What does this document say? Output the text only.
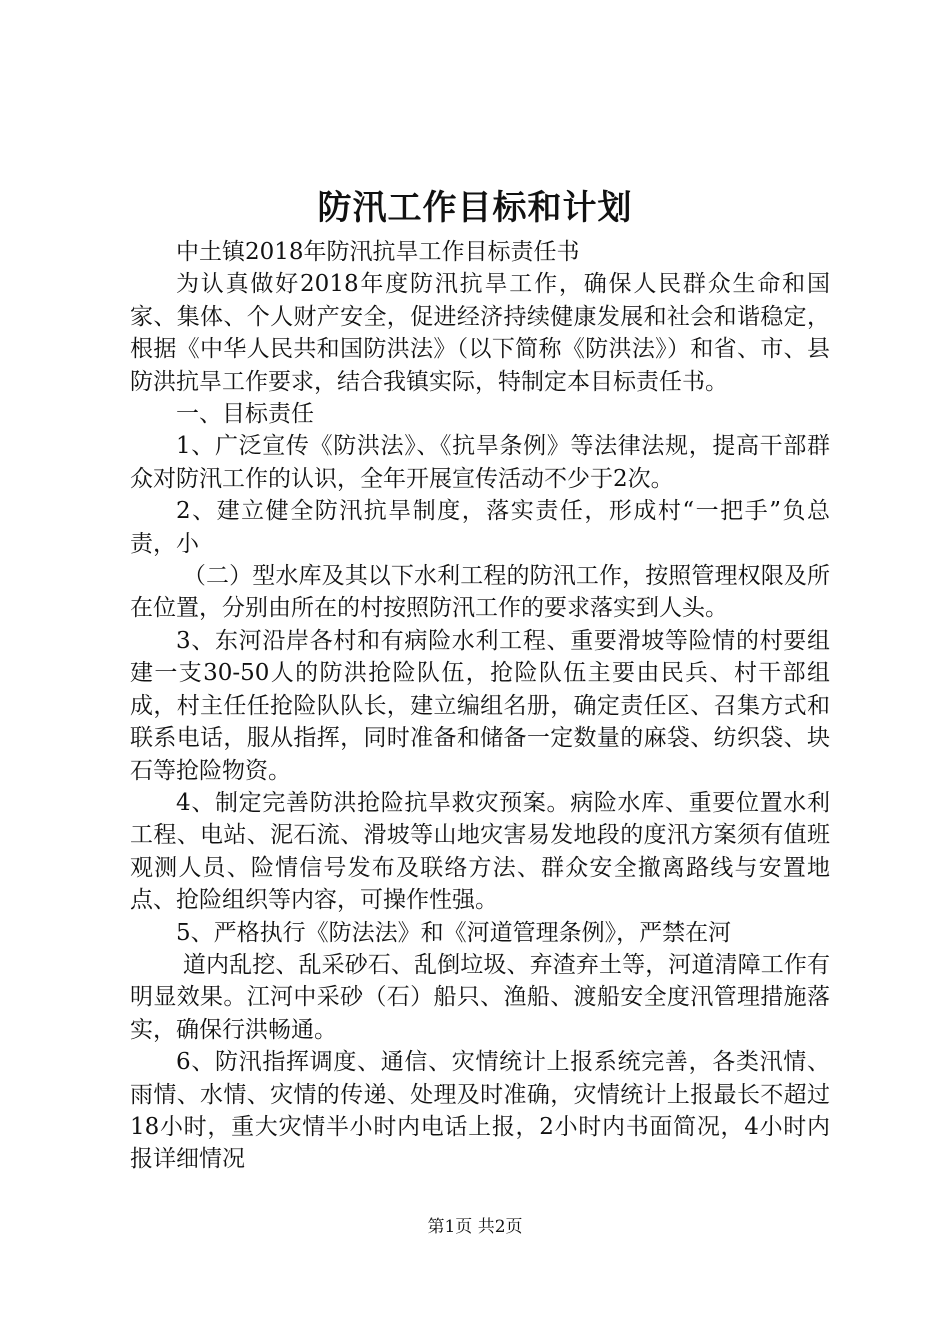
防汛工作目标和计划

中土镇2018年防汛抗旱工作目标责任书

为认真做好2018年度防汛抗旱工作，确保人民群众生命和国家、集体、个人财产安全，促进经济持续健康发展和社会和谐稳定，根据《中华人民共和国防洪法》（以下简称《防洪法》）和省、市、县防洪抗旱工作要求，结合我镇实际，特制定本目标责任书。

一、目标责任

1、广泛宣传《防洪法》、《抗旱条例》等法律法规，提高干部群众对防汛工作的认识，全年开展宣传活动不少于2次。

2、建立健全防汛抗旱制度，落实责任，形成村“一把手”负总责，小

（二）型水库及其以下水利工程的防汛工作，按照管理权限及所在位置，分别由所在的村按照防汛工作的要求落实到人头。

3、东河沿岸各村和有病险水利工程、重要滑坡等险情的村要组建一支30-50人的防洪抢险队伍，抢险队伍主要由民兵、村干部组成，村主任任抢险队队长，建立编组名册，确定责任区、召集方式和联系电话，服从指挥，同时准备和储备一定数量的麻袋、纺织袋、块石等抢险物资。

4、制定完善防洪抢险抗旱救灾预案。病险水库、重要位置水利工程、电站、泥石流、滑坡等山地灾害易发地段的度汛方案须有值班观测人员、险情信号发布及联络方法、群众安全撤离路线与安置地点、抢险组织等内容，可操作性强。

5、严格执行《防法法》和《河道管理条例》，严禁在河

道内乱挖、乱采砂石、乱倒垃圾、弃渣弃土等，河道清障工作有明显效果。江河中采砂（石）船只、渔船、渡船安全度汛管理措施落实，确保行洪畅通。

6、防汛指挥调度、通信、灾情统计上报系统完善，各类汛情、雨情、水情、灾情的传递、处理及时准确，灾情统计上报最长不超过18小时，重大灾情半小时内电话上报，2小时内书面简况，4小时内报详细情况

第1页 共2页
